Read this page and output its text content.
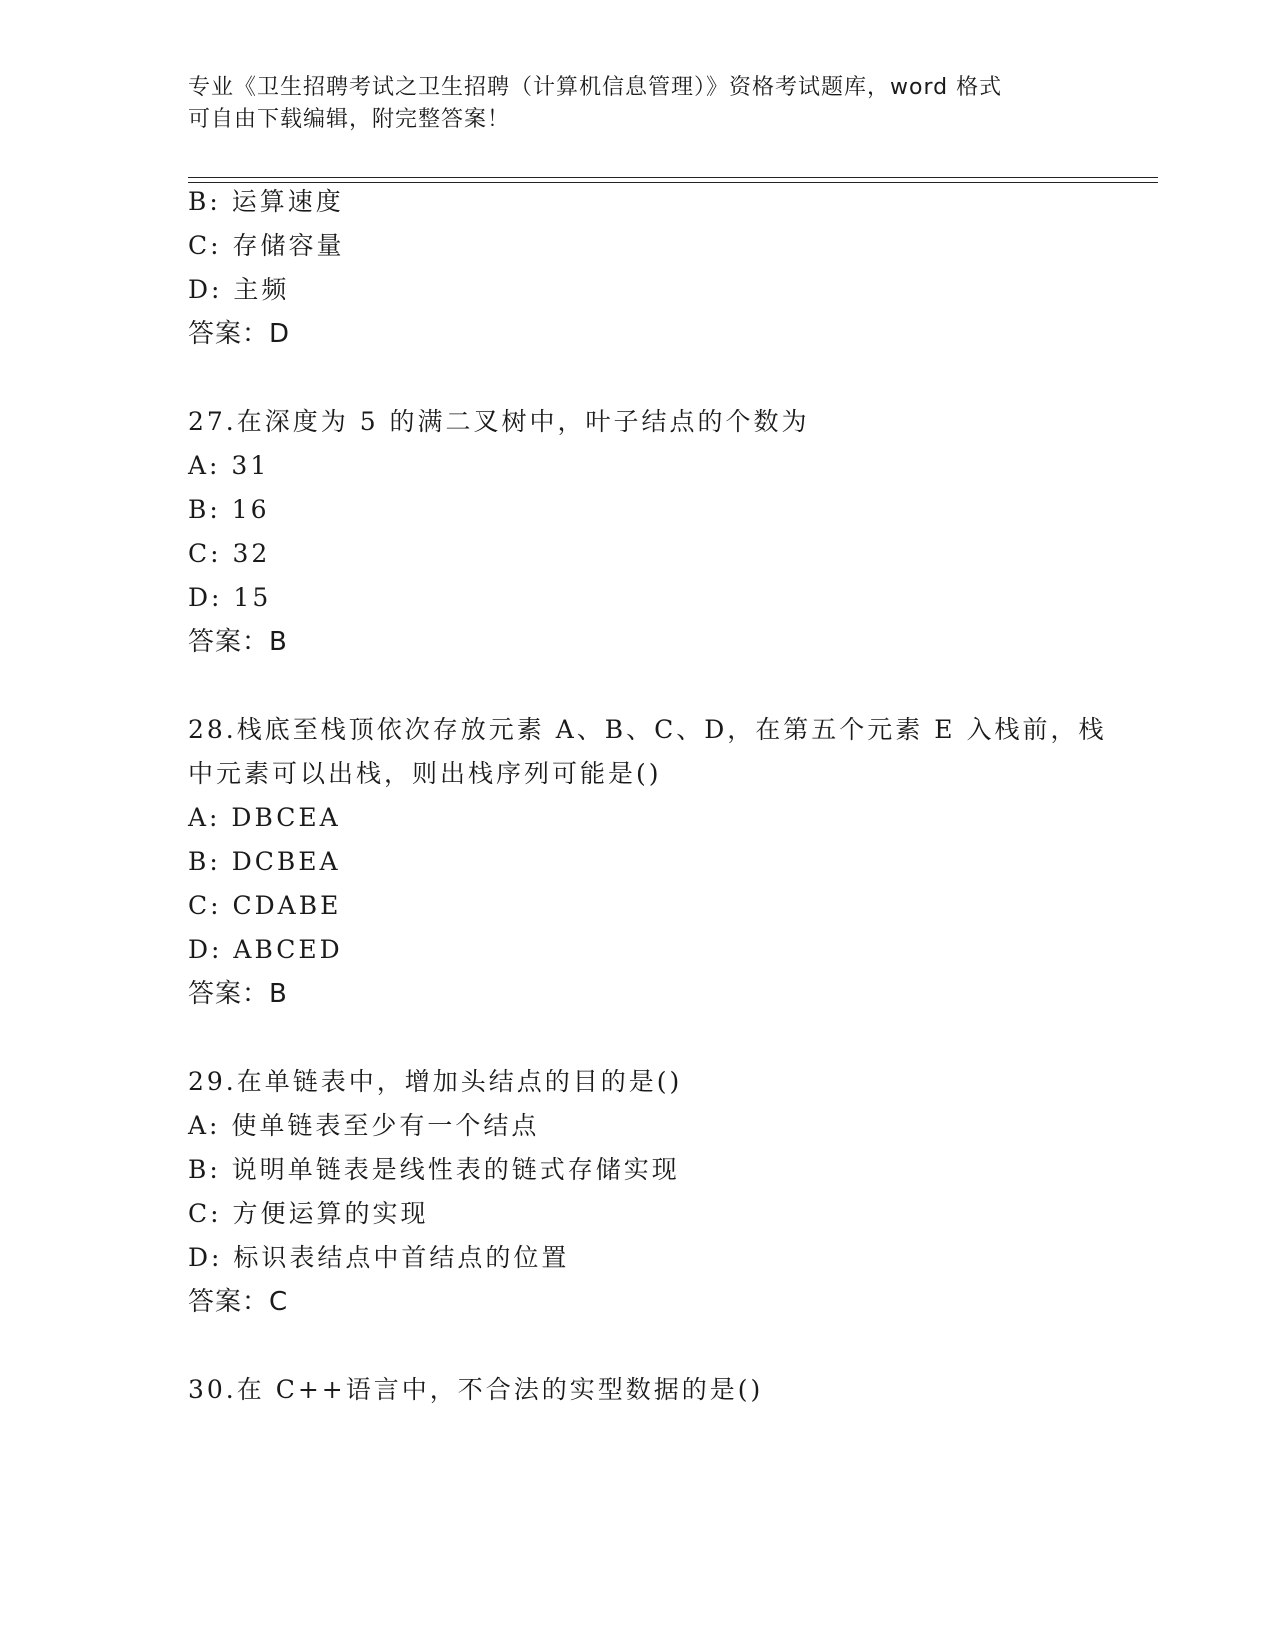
专业《卫生招聘考试之卫生招聘（计算机信息管理）》资格考试题库，word 格式
可自由下载编辑，附完整答案！
B: 运算速度
C: 存储容量
D: 主频
答案：D
27.在深度为 5 的满二叉树中，叶子结点的个数为
A: 31
B: 16
C: 32
D: 15
答案：B
28.栈底至栈顶依次存放元素 A、B、C、D，在第五个元素 E 入栈前，栈
中元素可以出栈，则出栈序列可能是()
A: DBCEA
B: DCBEA
C: CDABE
D: ABCED
答案：B
29.在单链表中，增加头结点的目的是()
A: 使单链表至少有一个结点
B: 说明单链表是线性表的链式存储实现
C: 方便运算的实现
D: 标识表结点中首结点的位置
答案：C
30.在 C++语言中，不合法的实型数据的是()
